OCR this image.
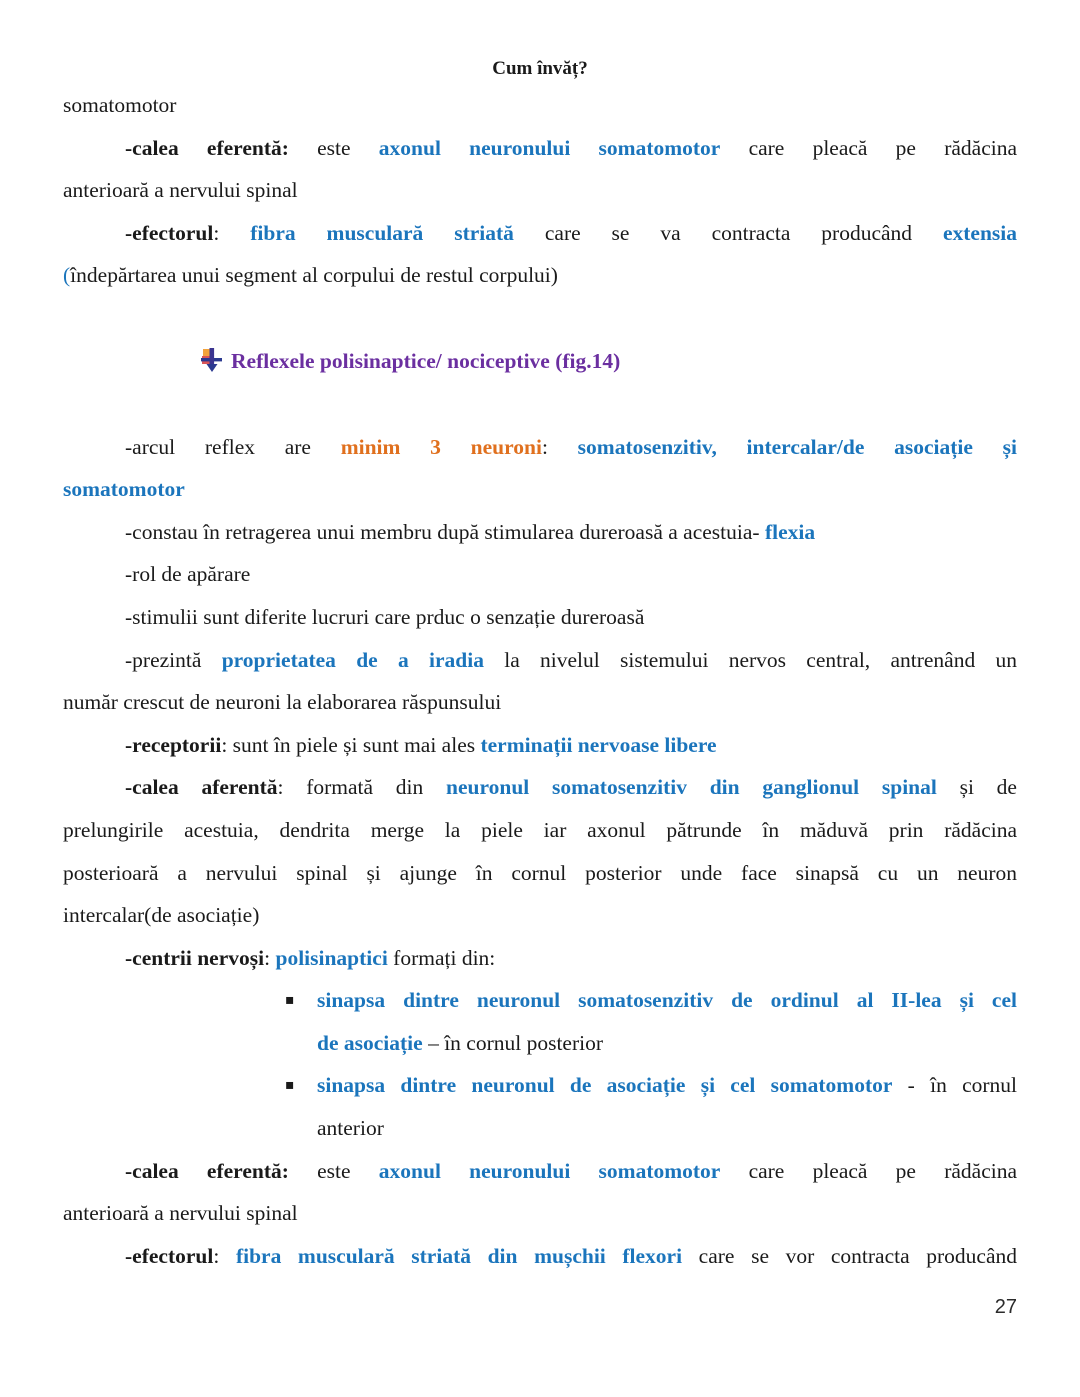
Cum învăț?
somatomotor
-calea eferentă: este axonul neuronului somatomotor care pleacă pe rădăcina
anterioară a nervului spinal
-efectorul: fibra musculară striată care se va contracta producând extensia
(îndepărtarea unui segment al corpului de restul corpului)
Reflexele polisinaptice/ nociceptive (fig.14)
-arcul reflex are minim 3 neuroni: somatosenzitiv, intercalar/de asociație și
somatomotor
-constau în retragerea unui membru după stimularea dureroasă a acestuia- flexia
-rol de apărare
-stimulii sunt diferite lucruri care prduc o senzație dureroasă
-prezintă proprietatea de a iradia la nivelul sistemului nervos central, antrenând un
număr crescut de neuroni la elaborarea răspunsului
-receptorii: sunt în piele și sunt mai ales terminații nervoase libere
-calea aferentă: formată din neuronul somatosenzitiv din ganglionul spinal și de
prelungirile acestuia, dendrita merge la piele iar axonul pătrunde în măduvă prin rădăcina
posterioară a nervului spinal și ajunge în cornul posterior unde face sinapsă cu un neuron
intercalar(de asociație)
-centrii nervoși: polisinaptici formați din:
▪ sinapsa dintre neuronul somatosenzitiv de ordinul al II-lea și cel
de asociație – în cornul posterior
▪ sinapsa dintre neuronul de asociație și cel somatomotor - în cornul
anterior
-calea eferentă: este axonul neuronului somatomotor care pleacă pe rădăcina
anterioară a nervului spinal
-efectorul: fibra musculară striată din mușchii flexori care se vor contracta producând
27
